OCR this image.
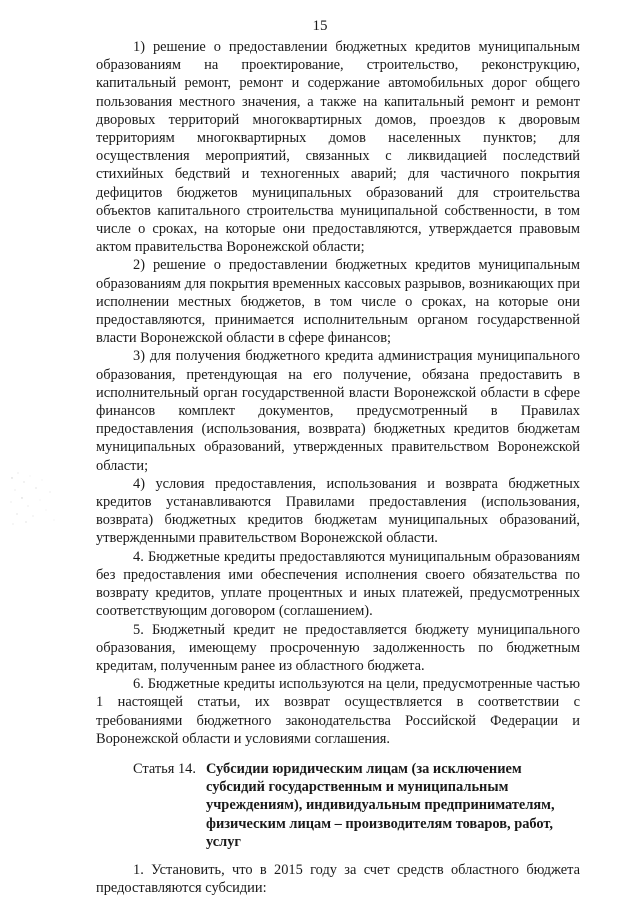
15

1) решение о предоставлении бюджетных кредитов муниципальным образованиям на проектирование, строительство, реконструкцию, капитальный ремонт, ремонт и содержание автомобильных дорог общего пользования местного значения, а также на капитальный ремонт и ремонт дворовых территорий многоквартирных домов, проездов к дворовым территориям многоквартирных домов населенных пунктов; для осуществления мероприятий, связанных с ликвидацией последствий стихийных бедствий и техногенных аварий; для частичного покрытия дефицитов бюджетов муниципальных образований для строительства объектов капитального строительства муниципальной собственности, в том числе о сроках, на которые они предоставляются, утверждается правовым актом правительства Воронежской области;

2) решение о предоставлении бюджетных кредитов муниципальным образованиям для покрытия временных кассовых разрывов, возникающих при исполнении местных бюджетов, в том числе о сроках, на которые они предоставляются, принимается исполнительным органом государственной власти Воронежской области в сфере финансов;

3) для получения бюджетного кредита администрация муниципального образования, претендующая на его получение, обязана предоставить в исполнительный орган государственной власти Воронежской области в сфере финансов комплект документов, предусмотренный в Правилах предоставления (использования, возврата) бюджетных кредитов бюджетам муниципальных образований, утвержденных правительством Воронежской области;

4) условия предоставления, использования и возврата бюджетных кредитов устанавливаются Правилами предоставления (использования, возврата) бюджетных кредитов бюджетам муниципальных образований, утвержденными правительством Воронежской области.

4. Бюджетные кредиты предоставляются муниципальным образованиям без предоставления ими обеспечения исполнения своего обязательства по возврату кредитов, уплате процентных и иных платежей, предусмотренных соответствующим договором (соглашением).

5. Бюджетный кредит не предоставляется бюджету муниципального образования, имеющему просроченную задолженность по бюджетным кредитам, полученным ранее из областного бюджета.

6. Бюджетные кредиты используются на цели, предусмотренные частью 1 настоящей статьи, их возврат осуществляется в соответствии с требованиями бюджетного законодательства Российской Федерации и Воронежской области и условиями соглашения.

Статья 14. Субсидии юридическим лицам (за исключением субсидий государственным и муниципальным учреждениям), индивидуальным предпринимателям, физическим лицам – производителям товаров, работ, услуг

1. Установить, что в 2015 году за счет средств областного бюджета предоставляются субсидии:
